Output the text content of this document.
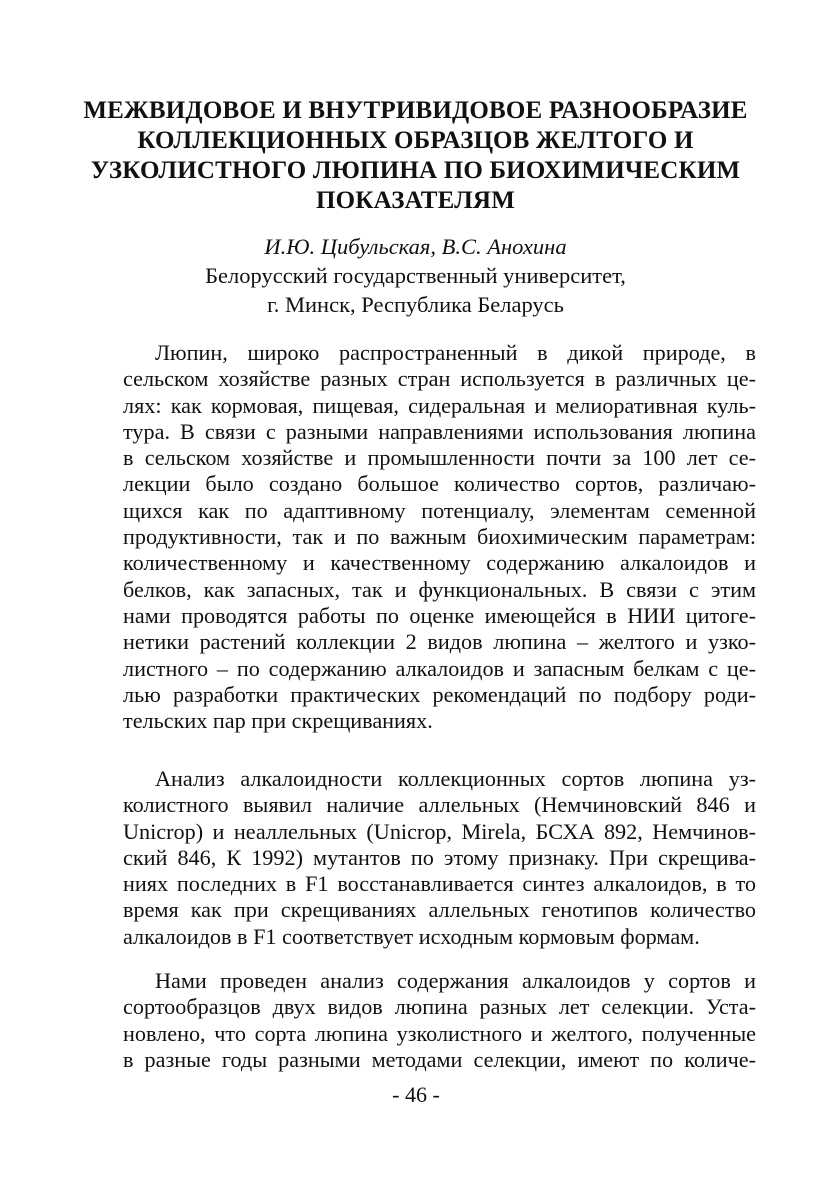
МЕЖВИДОВОЕ И ВНУТРИВИДОВОЕ РАЗНООБРАЗИЕ
КОЛЛЕКЦИОННЫХ ОБРАЗЦОВ ЖЕЛТОГО И
УЗКОЛИСТНОГО ЛЮПИНА ПО БИОХИМИЧЕСКИМ
ПОКАЗАТЕЛЯМ
И.Ю. Цибульская, В.С. Анохина
Белорусский государственный университет,
г. Минск, Республика Беларусь

Люпин, широко распространенный в дикой природе, в
сельском хозяйстве разных стран используется в различных це-
лях: как кормовая, пищевая, сидеральная и мелиоративная куль-
тура. В связи с разными направлениями использования люпина
в сельском хозяйстве и промышленности почти за 100 лет се-
лекции было создано большое количество сортов, различаю-
щихся как по адаптивному потенциалу, элементам семенной
продуктивности, так и по важным биохимическим параметрам:
количественному и качественному содержанию алкалоидов и
белков, как запасных, так и функциональных. В связи с этим
нами проводятся работы по оценке имеющейся в НИИ цитоге-
нетики растений коллекции 2 видов люпина – желтого и узко-
листного – по содержанию алкалоидов и запасным белкам с це-
лью разработки практических рекомендаций по подбору роди-
тельских пар при скрещиваниях.

Анализ алкалоидности коллекционных сортов люпина уз-
колистного выявил наличие аллельных (Немчиновский 846 и
Unicrop) и неаллельных (Unicrop, Mirela, БСХА 892, Немчинов-
ский 846, К 1992) мутантов по этому признаку. При скрещива-
ниях последних в F1 восстанавливается синтез алкалоидов, в то
время как при скрещиваниях аллельных генотипов количество
алкалоидов в F1 соответствует исходным кормовым формам.

Нами проведен анализ содержания алкалоидов у сортов и
сортообразцов двух видов люпина разных лет селекции. Уста-
новлено, что сорта люпина узколистного и желтого, полученные
в разные годы разными методами селекции, имеют по количе-

- 46 -
